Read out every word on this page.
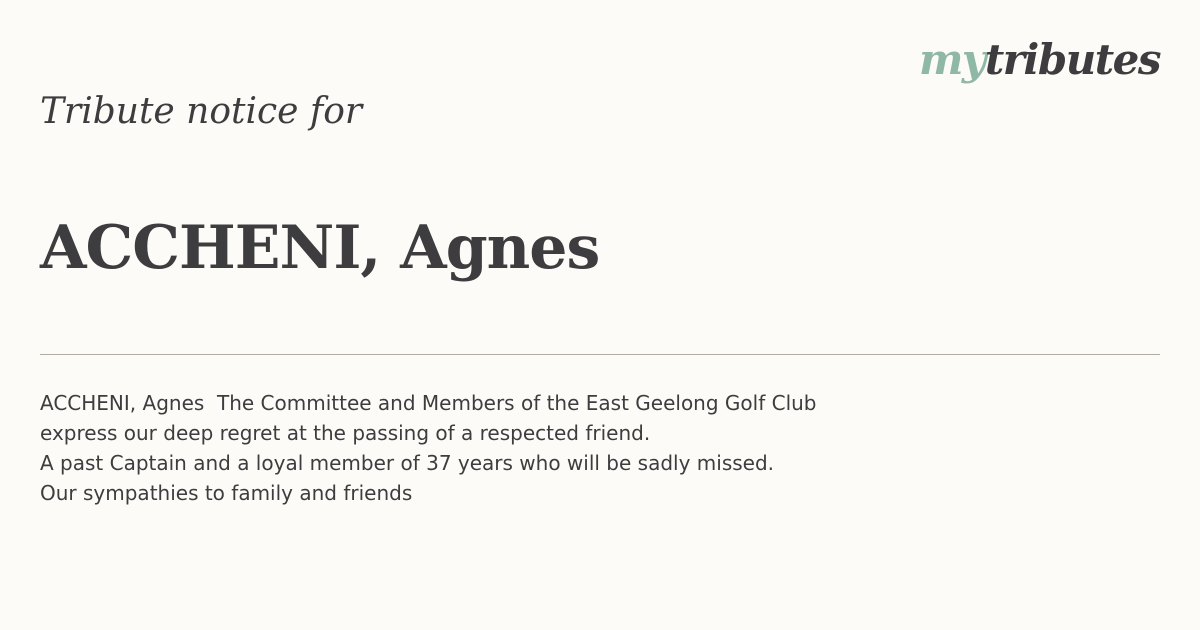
mytributes
Tribute notice for
ACCHENI, Agnes
ACCHENI, Agnes  The Committee and Members of the East Geelong Golf Club
express our deep regret at the passing of a respected friend.
A past Captain and a loyal member of 37 years who will be sadly missed.
Our sympathies to family and friends
